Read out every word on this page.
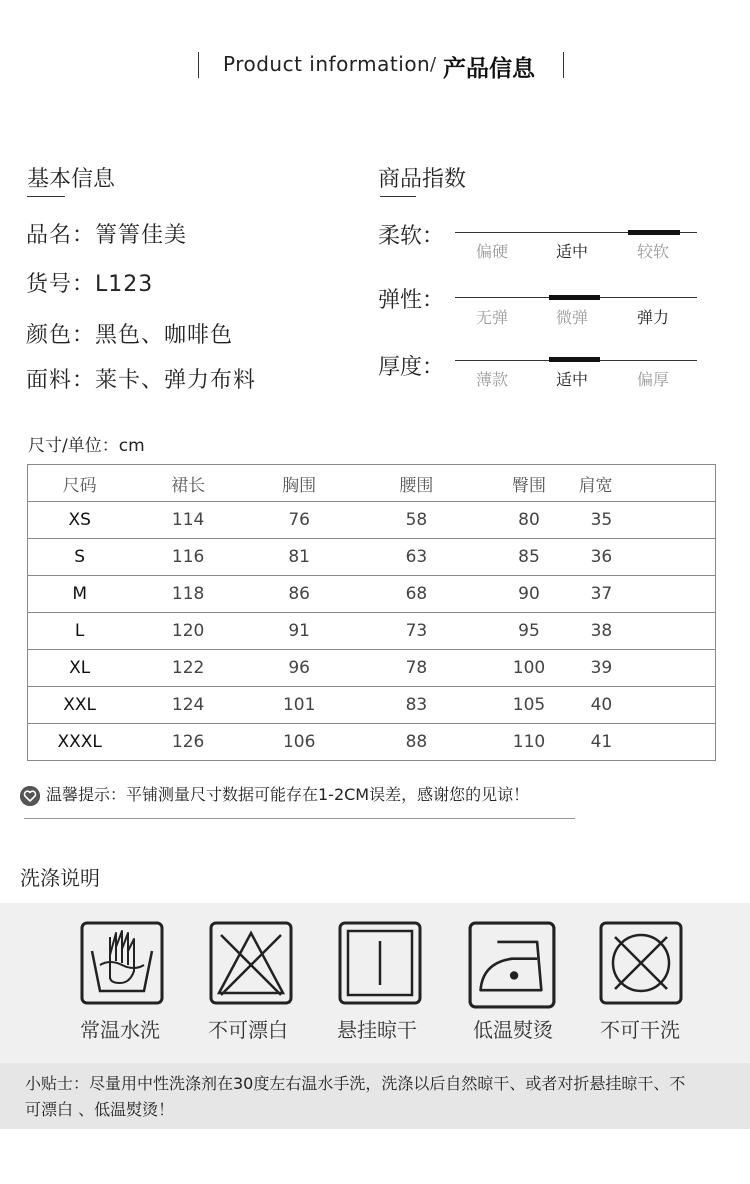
Product information / 产品信息
基本信息
品名：箐箐佳美
货号：L123
颜色：黑色、咖啡色
面料：莱卡、弹力布料
商品指数
柔软：
偏硬	适中	较软
弹性：
无弹	微弹	弹力
厚度： 薄款	适中	偏厚
尺寸/单位：cm
尺码	裙长	胸围	腰围	臀围	肩宽
XS	114	76	58	80	35
S	116	81	63	85	36
M	118	86	68	90	37
L	120	91	73	95	38
XL	122	96	78	100	39
XXL	124	101	83	105	40
XXXL	126	106	88	110	41
温馨提示：平铺测量尺寸数据可能存在1-2CM误差，感谢您的见谅！
洗涤说明
常温水洗 不可漂白 悬挂晾干	低温熨烫 不可干洗
小贴士：尽量用中性洗涤剂在30度左右温水手洗，洗涤以后自然晾干、或者对折悬挂晾干、不可漂白 、低温熨烫！
